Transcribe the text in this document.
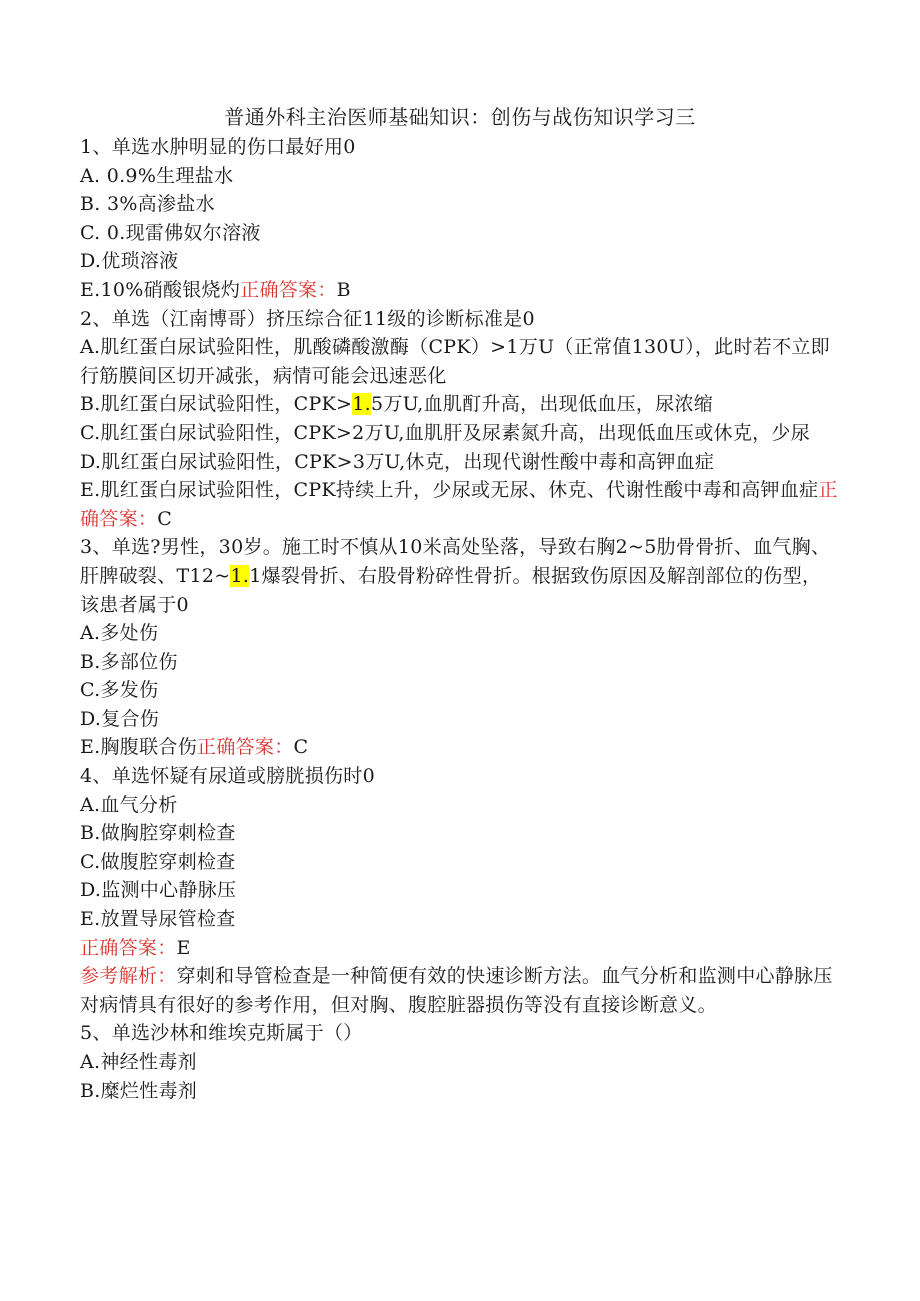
普通外科主治医师基础知识：创伤与战伤知识学习三
1、单选水肿明显的伤口最好用0
A. 0.9%生理盐水
B. 3%高渗盐水
C. 0.现雷佛奴尔溶液
D.优琐溶液
E.10%硝酸银烧灼正确答案：B
2、单选（江南博哥）挤压综合征11级的诊断标准是0
A.肌红蛋白尿试验阳性，肌酸磷酸激酶（CPK）>1万U（正常值130U），此时若不立即行筋膜间区切开减张，病情可能会迅速恶化
B.肌红蛋白尿试验阳性，CPK>1.5万U,血肌酊升高，出现低血压，尿浓缩
C.肌红蛋白尿试验阳性，CPK>2万U,血肌肝及尿素氮升高，出现低血压或休克，少尿
D.肌红蛋白尿试验阳性，CPK>3万U,休克，出现代谢性酸中毒和高钾血症
E.肌红蛋白尿试验阳性，CPK持续上升，少尿或无尿、休克、代谢性酸中毒和高钾血症正确答案：C
3、单选?男性，30岁。施工时不慎从10米高处坠落，导致右胸2~5肋骨骨折、血气胸、肝脾破裂、T12~1.1爆裂骨折、右股骨粉碎性骨折。根据致伤原因及解剖部位的伤型，该患者属于0
A.多处伤
B.多部位伤
C.多发伤
D.复合伤
E.胸腹联合伤正确答案：C
4、单选怀疑有尿道或膀胱损伤时0
A.血气分析
B.做胸腔穿刺检查
C.做腹腔穿刺检查
D.监测中心静脉压
E.放置导尿管检查
正确答案：E
参考解析：穿刺和导管检查是一种简便有效的快速诊断方法。血气分析和监测中心静脉压对病情具有很好的参考作用，但对胸、腹腔脏器损伤等没有直接诊断意义。
5、单选沙林和维埃克斯属于（）
A.神经性毒剂
B.糜烂性毒剂
